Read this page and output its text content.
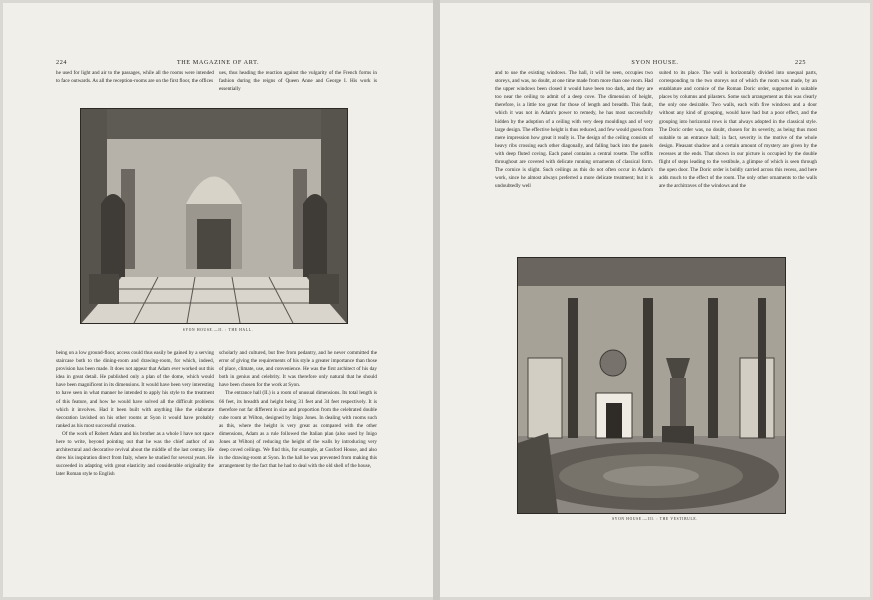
224	THE MAGAZINE OF ART.

he used for light and air to the passages, while all the rooms were intended to face outwards. As all the reception-rooms are on the first floor, the offices

ues, thus heading the reaction against the vulgarity of the French forms in fashion during the reigns of Queen Anne and George I. His work is essentially

SYON HOUSE.—II. : THE HALL.

being on a low ground-floor, access could thus easily be gained by a serving staircase both to the dining-room and drawing-room, for which, indeed, provision has been made. It does not appear that Adam ever worked out this idea in great detail. He published only a plan of the dome, which would have been magnificent in its dimensions. It would have been very interesting to have seen in what manner he intended to apply his style to the treatment of this feature, and how he would have solved all the difficult problems which it involves. Had it been built with anything like the elaborate decoration lavished on his other rooms at Syon it would have probably ranked as his most successful creation.

Of the work of Robert Adam and his brother as a whole I have not space here to write, beyond pointing out that he was the chief author of an architectural and decorative revival about the middle of the last century. He drew his inspiration direct from Italy, where he studied for several years. He succeeded in adapting with great elasticity and considerable originality the later Roman style to English

scholarly and cultured, but free from pedantry, and he never committed the error of giving the requirements of his style a greater importance than those of place, climate, use, and convenience. He was the first architect of his day both in genius and celebrity. It was therefore only natural that he should have been chosen for the work at Syon.

The entrance hall (II.) is a room of unusual dimensions. Its total length is 66 feet, its breadth and height being 31 feet and 34 feet respectively. It is therefore not far different in size and proportion from the celebrated double cube room at Wilton, designed by Inigo Jones. In dealing with rooms such as this, where the height is very great as compared with the other dimensions, Adam as a rule followed the Italian plan (also used by Inigo Jones at Wilton) of reducing the height of the walls by introducing very deep coved ceilings. We find this, for example, at Gosford House, and also in the drawing-room at Syon. In the hall he was prevented from making this arrangement by the fact that he had to deal with the old shell of the house,

SYON HOUSE.	225

and to use the existing windows. The hall, it will be seen, occupies two storeys, and was, no doubt, at one time made from more than one room. Had the upper windows been closed it would have been too dark, and they are too near the ceiling to admit of a deep cove. The dimension of height, therefore, is a little too great for those of length and breadth. This fault, which it was not in Adam's power to remedy, he has most successfully hidden by the adoption of a ceiling with very deep mouldings and of very large design. The effective height is thus reduced, and few would guess from mere impression how great it really is. The design of the ceiling consists of heavy ribs crossing each other diagonally, and falling back into the panels with deep fluted coving. Each panel contains a central rosette. The soffits throughout are covered with delicate running ornaments of classical form. The cornice is slight. Such ceilings as this do not often occur in Adam's work, since he almost always preferred a more delicate treatment; but it is undoubtedly well

suited to its place. The wall is horizontally divided into unequal parts, corresponding to the two storeys out of which the room was made, by an entablature and cornice of the Roman Doric order, supported in suitable places by columns and pilasters. Some such arrangement as this was clearly the only one desirable. Two walls, each with five windows and a door without any kind of grouping, would have had but a poor effect, and the grouping into horizontal rows is that always adopted in the classical style. The Doric order was, no doubt, chosen for its severity, as being thus most suitable to an entrance hall; in fact, severity is the motive of the whole design. Pleasant shadow and a certain amount of mystery are given by the recesses at the ends. That shown in our picture is occupied by the double flight of steps leading to the vestibule, a glimpse of which is seen through the open door. The Doric order is boldly carried across this recess, and here adds much to the effect of the room. The only other ornaments to the walls are the architraves of the windows and the

SYON HOUSE.—III. : THE VESTIBULE.
